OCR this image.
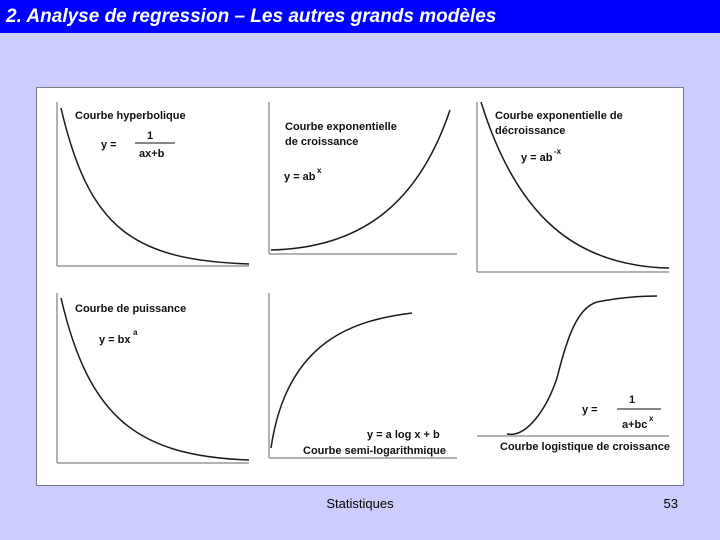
2. Analyse de regression – Les autres grands modèles
Courbe hyperbolique
y =
1
ax+b
Courbe exponentielle
de croissance
y = ab
x
Courbe exponentielle de
décroissance
y = ab
-x
Courbe de puissance
y = bx
a
y = a log x + b
Courbe semi-logarithmique
y =
1
a+bc
x
Courbe logistique de croissance
Statistiques	53
